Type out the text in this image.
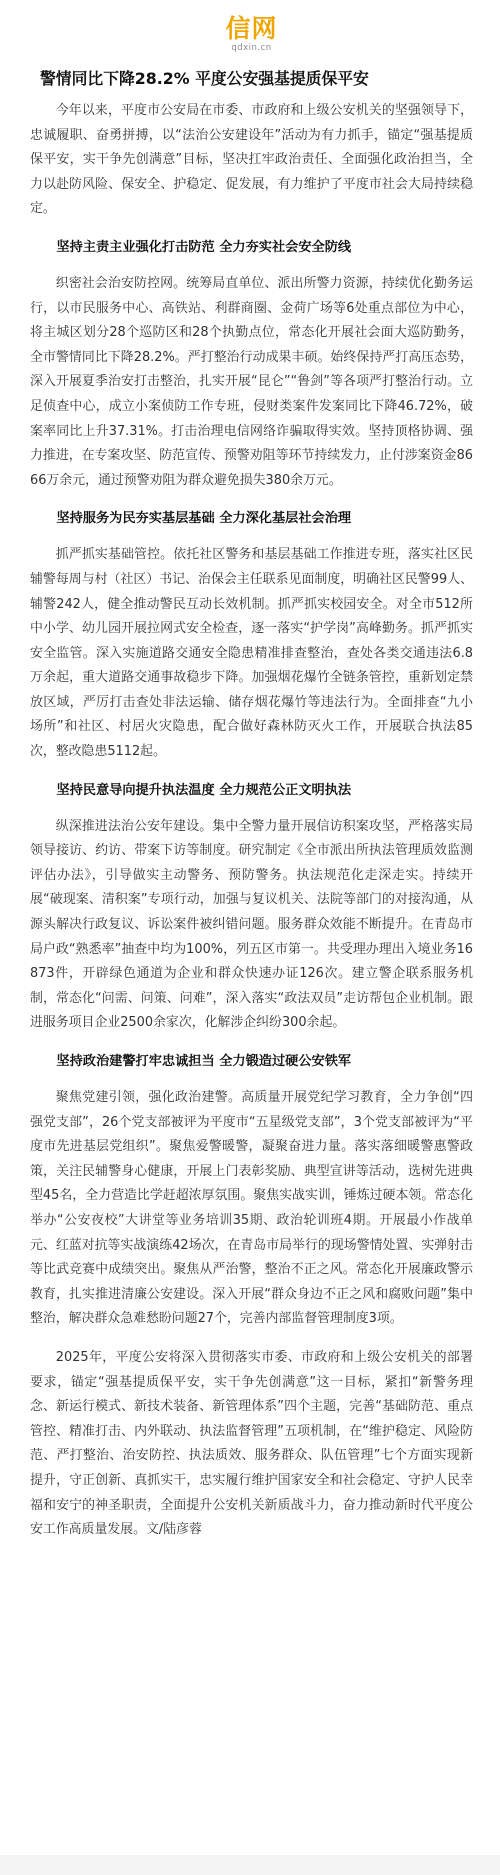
信网
qdxin.cn
警情同比下降28.2% 平度公安强基提质保平安

今年以来，平度市公安局在市委、市政府和上级公安机关的坚强领导下，忠诚履职、奋勇拼搏，以“法治公安建设年”活动为有力抓手，锚定“强基提质保平安，实干争先创满意”目标，坚决扛牢政治责任、全面强化政治担当，全力以赴防风险、保安全、护稳定、促发展，有力维护了平度市社会大局持续稳定。

坚持主责主业强化打击防范 全力夯实社会安全防线

织密社会治安防控网。统筹局直单位、派出所警力资源，持续优化勤务运行，以市民服务中心、高铁站、利群商圈、金荷广场等6处重点部位为中心，将主城区划分28个巡防区和28个执勤点位，常态化开展社会面大巡防勤务，全市警情同比下降28.2%。严打整治行动成果丰硕。始终保持严打高压态势，深入开展夏季治安打击整治，扎实开展“昆仑”“鲁剑”等各项严打整治行动。立足侦查中心，成立小案侦防工作专班，侵财类案件发案同比下降46.72%，破案率同比上升37.31%。打击治理电信网络诈骗取得实效。坚持顶格协调、强力推进，在专案攻坚、防范宣传、预警劝阻等环节持续发力，止付涉案资金8666万余元，通过预警劝阻为群众避免损失380余万元。

坚持服务为民夯实基层基础 全力深化基层社会治理

抓严抓实基础管控。依托社区警务和基层基础工作推进专班，落实社区民辅警每周与村（社区）书记、治保会主任联系见面制度，明确社区民警99人、辅警242人，健全推动警民互动长效机制。抓严抓实校园安全。对全市512所中小学、幼儿园开展拉网式安全检查，逐一落实“护学岗”高峰勤务。抓严抓实安全监管。深入实施道路交通安全隐患精准排查整治，查处各类交通违法6.8万余起，重大道路交通事故稳步下降。加强烟花爆竹全链条管控，重新划定禁放区域，严厉打击查处非法运输、储存烟花爆竹等违法行为。全面排查“九小场所”和社区、村居火灾隐患，配合做好森林防灭火工作，开展联合执法85次，整改隐患5112起。

坚持民意导向提升执法温度 全力规范公正文明执法

纵深推进法治公安年建设。集中全警力量开展信访积案攻坚，严格落实局领导接访、约访、带案下访等制度。研究制定《全市派出所执法管理质效监测评估办法》，引导做实主动警务、预防警务。执法规范化走深走实。持续开展“破现案、清积案”专项行动，加强与复议机关、法院等部门的对接沟通，从源头解决行政复议、诉讼案件被纠错问题。服务群众效能不断提升。在青岛市局户政“熟悉率”抽查中均为100%，列五区市第一。共受理办理出入境业务16873件，开辟绿色通道为企业和群众快速办证126次。建立警企联系服务机制，常态化“问需、问策、问难”，深入落实“政法双员”走访帮包企业机制。跟进服务项目企业2500余家次，化解涉企纠纷300余起。

坚持政治建警打牢忠诚担当 全力锻造过硬公安铁军

聚焦党建引领，强化政治建警。高质量开展党纪学习教育，全力争创“四强党支部”，26个党支部被评为平度市“五星级党支部”，3个党支部被评为“平度市先进基层党组织”。聚焦爱警暖警，凝聚奋进力量。落实落细暖警惠警政策，关注民辅警身心健康，开展上门表彰奖励、典型宣讲等活动，选树先进典型45名，全力营造比学赶超浓厚氛围。聚焦实战实训，锤炼过硬本领。常态化举办“公安夜校”大讲堂等业务培训35期、政治轮训班4期。开展最小作战单元、红蓝对抗等实战演练42场次，在青岛市局举行的现场警情处置、实弹射击等比武竞赛中成绩突出。聚焦从严治警，整治不正之风。常态化开展廉政警示教育，扎实推进清廉公安建设。深入开展“群众身边不正之风和腐败问题”集中整治，解决群众急难愁盼问题27个，完善内部监督管理制度3项。

2025年，平度公安将深入贯彻落实市委、市政府和上级公安机关的部署要求，锚定“强基提质保平安，实干争先创满意”这一目标，紧扣“新警务理念、新运行模式、新技术装备、新管理体系”四个主题，完善“基础防范、重点管控、精准打击、内外联动、执法监督管理”五项机制，在“维护稳定、风险防范、严打整治、治安防控、执法质效、服务群众、队伍管理”七个方面实现新提升，守正创新、真抓实干，忠实履行维护国家安全和社会稳定、守护人民幸福和安宁的神圣职责，全面提升公安机关新质战斗力，奋力推动新时代平度公安工作高质量发展。文/陆彦蓉
